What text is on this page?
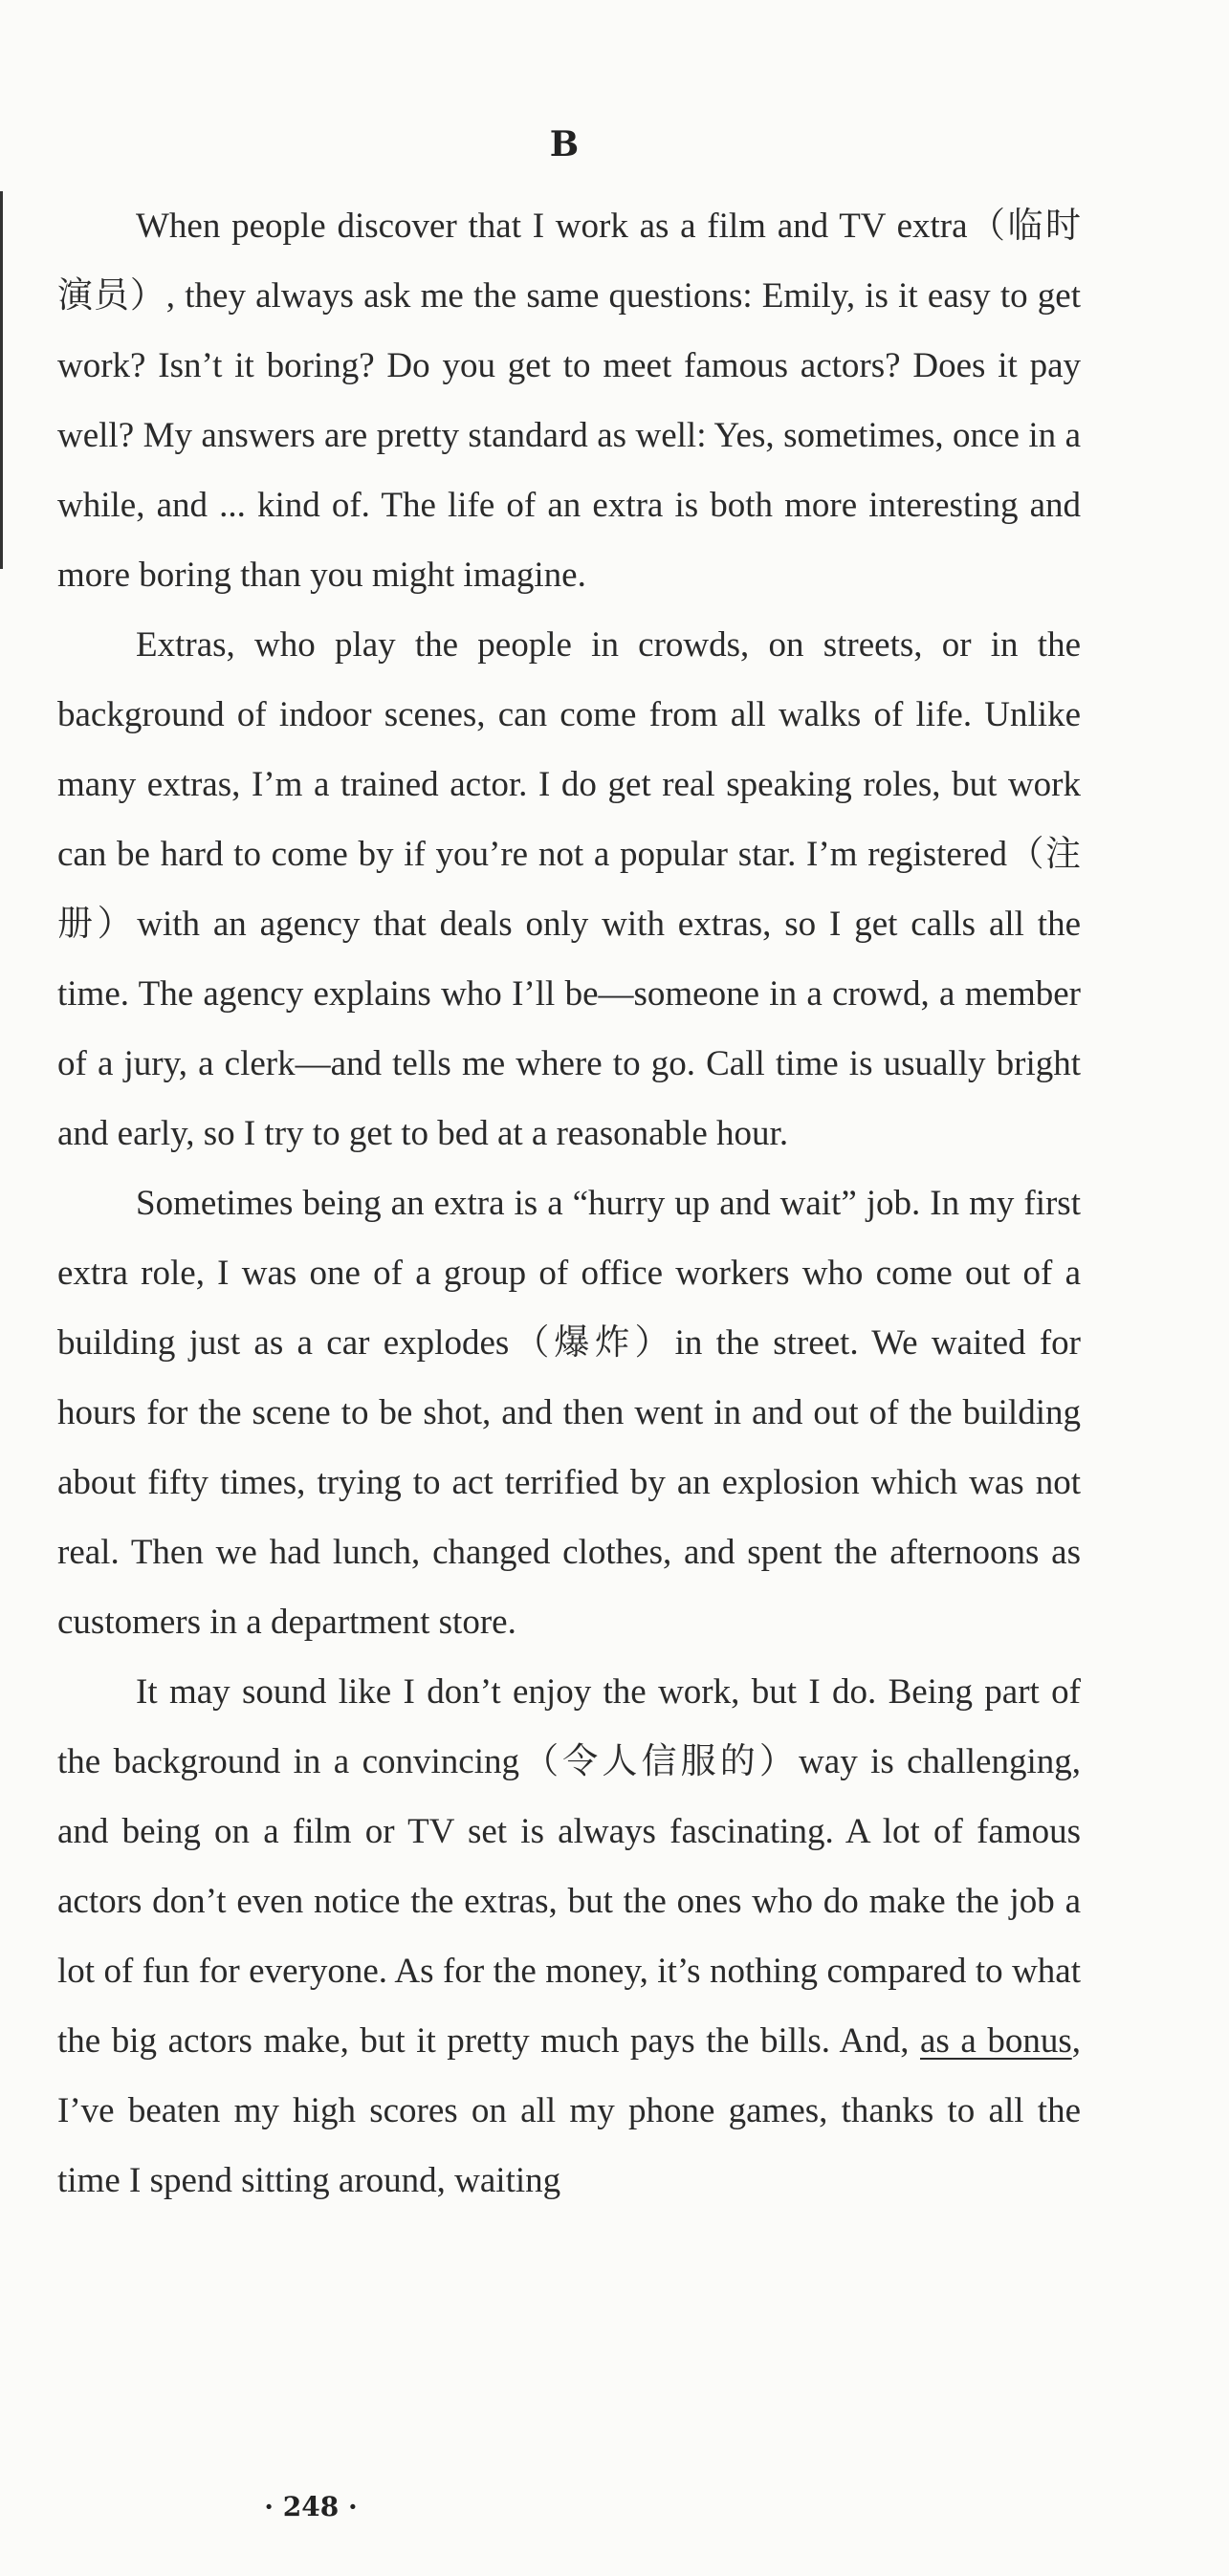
B

When people discover that I work as a film and TV extra（临时演员）, they always ask me the same questions: Emily, is it easy to get work? Isn’t it boring? Do you get to meet famous actors? Does it pay well? My answers are pretty standard as well: Yes, sometimes, once in a while, and ... kind of. The life of an extra is both more interesting and more boring than you might imagine.

Extras, who play the people in crowds, on streets, or in the background of indoor scenes, can come from all walks of life. Unlike many extras, I’m a trained actor. I do get real speaking roles, but work can be hard to come by if you’re not a popular star. I’m registered（注册）with an agency that deals only with extras, so I get calls all the time. The agency explains who I’ll be—someone in a crowd, a member of a jury, a clerk—and tells me where to go. Call time is usually bright and early, so I try to get to bed at a reasonable hour.

Sometimes being an extra is a “hurry up and wait” job. In my first extra role, I was one of a group of office workers who come out of a building just as a car explodes（爆炸）in the street. We waited for hours for the scene to be shot, and then went in and out of the building about fifty times, trying to act terrified by an explosion which was not real. Then we had lunch, changed clothes, and spent the afternoons as customers in a department store.

It may sound like I don’t enjoy the work, but I do. Being part of the background in a convincing（令人信服的）way is challenging, and being on a film or TV set is always fascinating. A lot of famous actors don’t even notice the extras, but the ones who do make the job a lot of fun for everyone. As for the money, it’s nothing compared to what the big actors make, but it pretty much pays the bills. And, as a bonus, I’ve beaten my high scores on all my phone games, thanks to all the time I spend sitting around, waiting

· 248 ·
